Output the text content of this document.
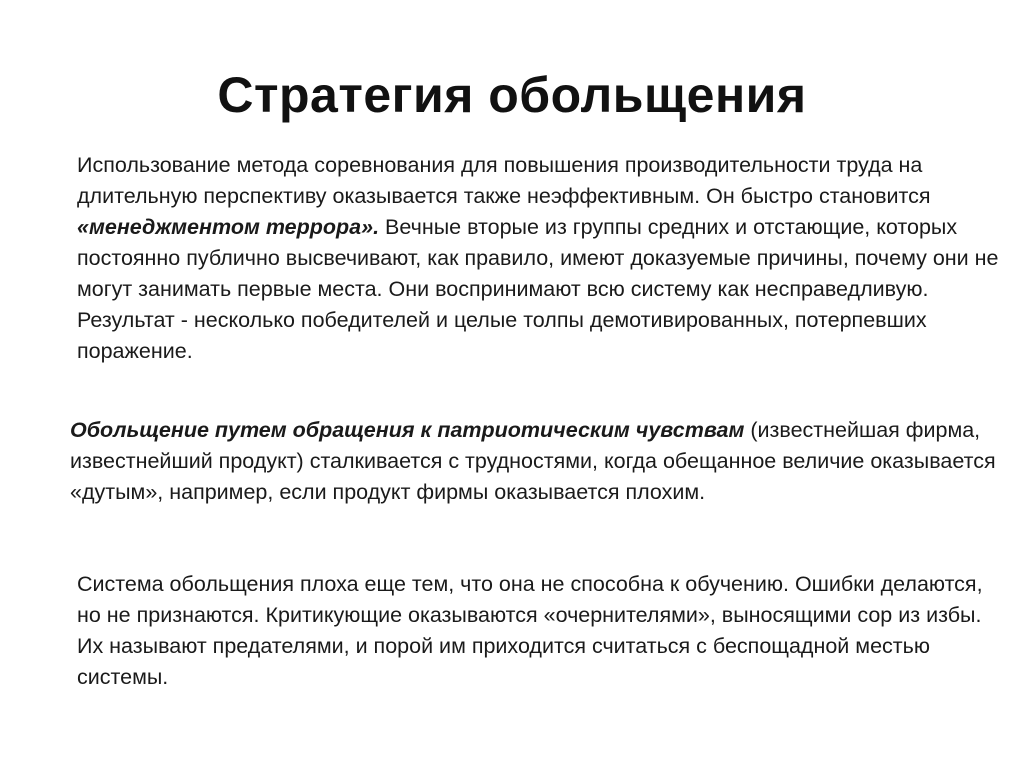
Стратегия обольщения

Использование метода соревнования для повышения производительности труда на длительную перспективу оказывается также неэффективным. Он быстро становится «менеджментом террора». Вечные вторые из группы средних и отстающие, которых постоянно публично высвечивают, как правило, имеют доказуемые причины, почему они не могут занимать первые места. Они воспринимают всю систему как несправедливую. Результат - несколько победителей и целые толпы демотивированных, потерпевших поражение.

Обольщение путем обращения к патриотическим чувствам (известнейшая фирма, известнейший продукт) сталкивается с трудностями, когда обещанное величие оказывается «дутым», например, если продукт фирмы оказывается плохим.

Система обольщения плоха еще тем, что она не способна к обучению. Ошибки делаются, но не признаются. Критикующие оказываются «очернителями», выносящими сор из избы. Их называют предателями, и порой им приходится считаться с беспощадной местью системы.
